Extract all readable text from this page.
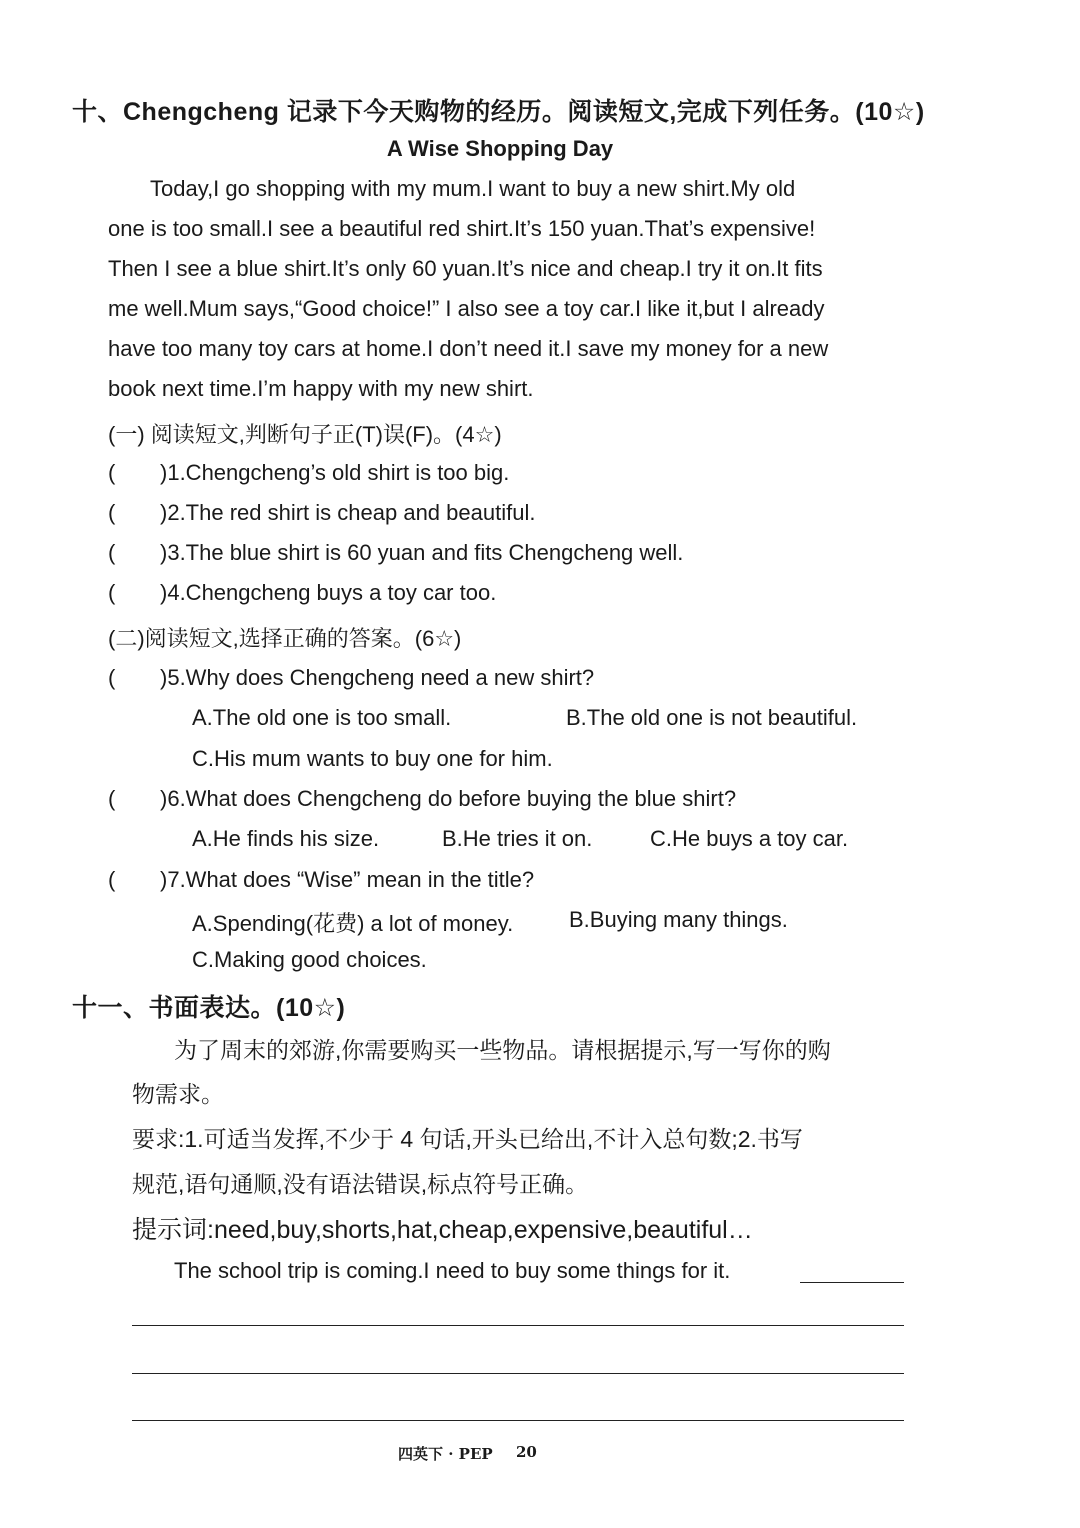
十、Chengcheng 记录下今天购物的经历。阅读短文,完成下列任务。(10☆)
A Wise Shopping Day
Today,I go shopping with my mum.I want to buy a new shirt.My old
one is too small.I see a beautiful red shirt.It’s 150 yuan.That’s expensive!
Then I see a blue shirt.It’s only 60 yuan.It’s nice and cheap.I try it on.It fits
me well.Mum says,“Good choice!” I also see a toy car.I like it,but I already
have too many toy cars at home.I don’t need it.I save my money for a new
book next time.I’m happy with my new shirt.
(一) 阅读短文,判断句子正(T)误(F)。(4☆)
( )1.Chengcheng’s old shirt is too big.
( )2.The red shirt is cheap and beautiful.
( )3.The blue shirt is 60 yuan and fits Chengcheng well.
( )4.Chengcheng buys a toy car too.
(二)阅读短文,选择正确的答案。(6☆)
( )5.Why does Chengcheng need a new shirt?
A.The old one is too small.	B.The old one is not beautiful.
C.His mum wants to buy one for him.
( )6.What does Chengcheng do before buying the blue shirt?
A.He finds his size.	B.He tries it on.	C.He buys a toy car.
( )7.What does “Wise” mean in the title?
A.Spending(花费) a lot of money.	B.Buying many things.
C.Making good choices.
十一、书面表达。(10☆)
为了周末的郊游,你需要购买一些物品。请根据提示,写一写你的购
物需求。
要求:1.可适当发挥,不少于 4 句话,开头已给出,不计入总句数;2.书写
规范,语句通顺,没有语法错误,标点符号正确。
提示词:need,buy,shorts,hat,cheap,expensive,beautiful…
The school trip is coming.I need to buy some things for it.
四英下 · PEP 20
